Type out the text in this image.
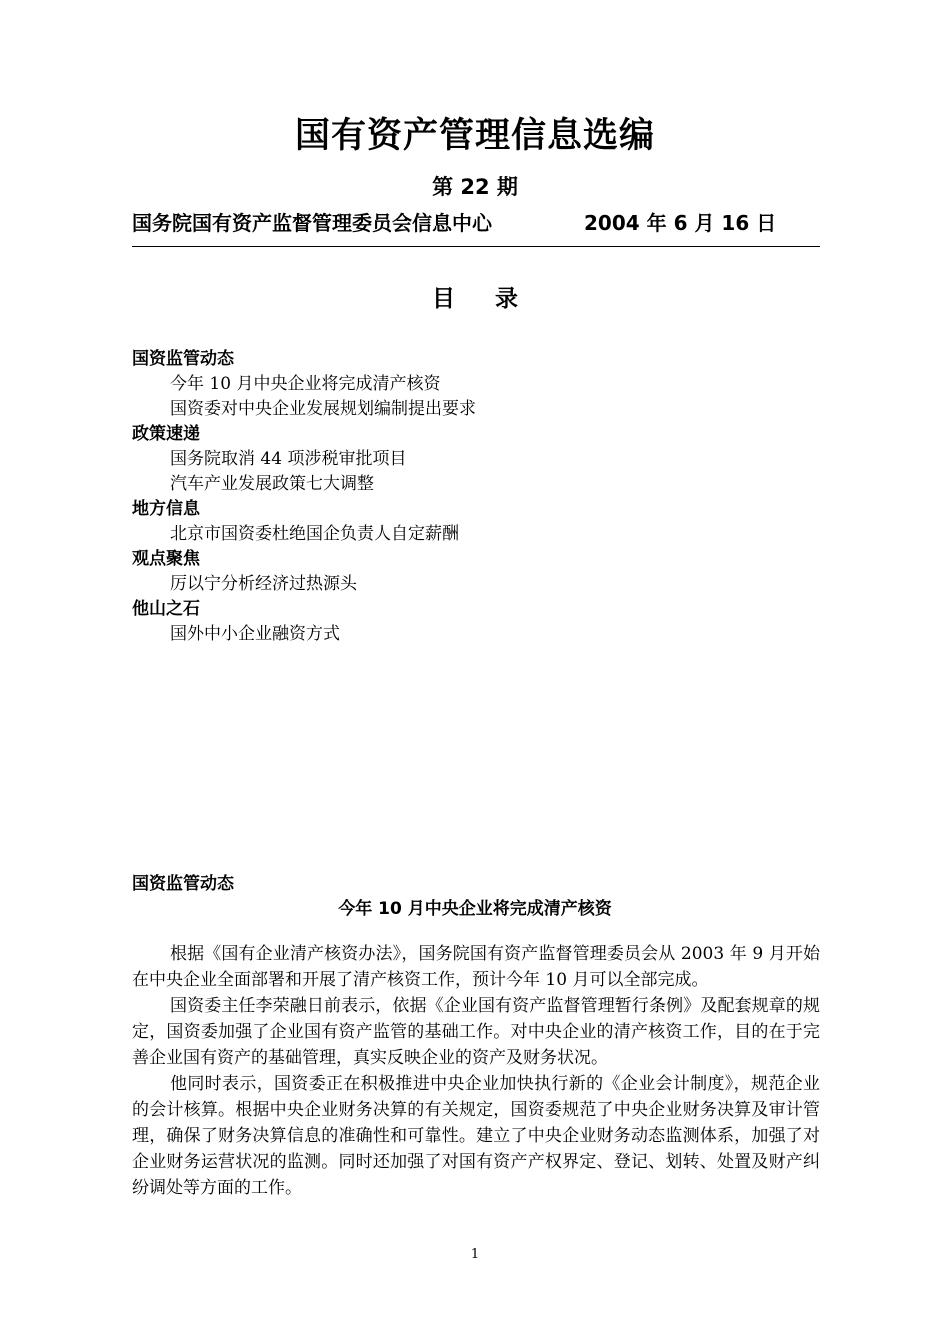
国有资产管理信息选编
第 22 期
国务院国有资产监督管理委员会信息中心	2004 年 6 月 16 日
目 录
国资监管动态
今年 10 月中央企业将完成清产核资
国资委对中央企业发展规划编制提出要求
政策速递
国务院取消 44 项涉税审批项目
汽车产业发展政策七大调整
地方信息
北京市国资委杜绝国企负责人自定薪酬
观点聚焦
厉以宁分析经济过热源头
他山之石
国外中小企业融资方式
国资监管动态
今年 10 月中央企业将完成清产核资

根据《国有企业清产核资办法》，国务院国有资产监督管理委员会从 2003 年 9 月开始在中央企业全面部署和开展了清产核资工作，预计今年 10 月可以全部完成。

国资委主任李荣融日前表示，依据《企业国有资产监督管理暂行条例》及配套规章的规定，国资委加强了企业国有资产监管的基础工作。对中央企业的清产核资工作，目的在于完善企业国有资产的基础管理，真实反映企业的资产及财务状况。

他同时表示，国资委正在积极推进中央企业加快执行新的《企业会计制度》，规范企业的会计核算。根据中央企业财务决算的有关规定，国资委规范了中央企业财务决算及审计管理，确保了财务决算信息的准确性和可靠性。建立了中央企业财务动态监测体系，加强了对企业财务运营状况的监测。同时还加强了对国有资产产权界定、登记、划转、处置及财产纠纷调处等方面的工作。

1
